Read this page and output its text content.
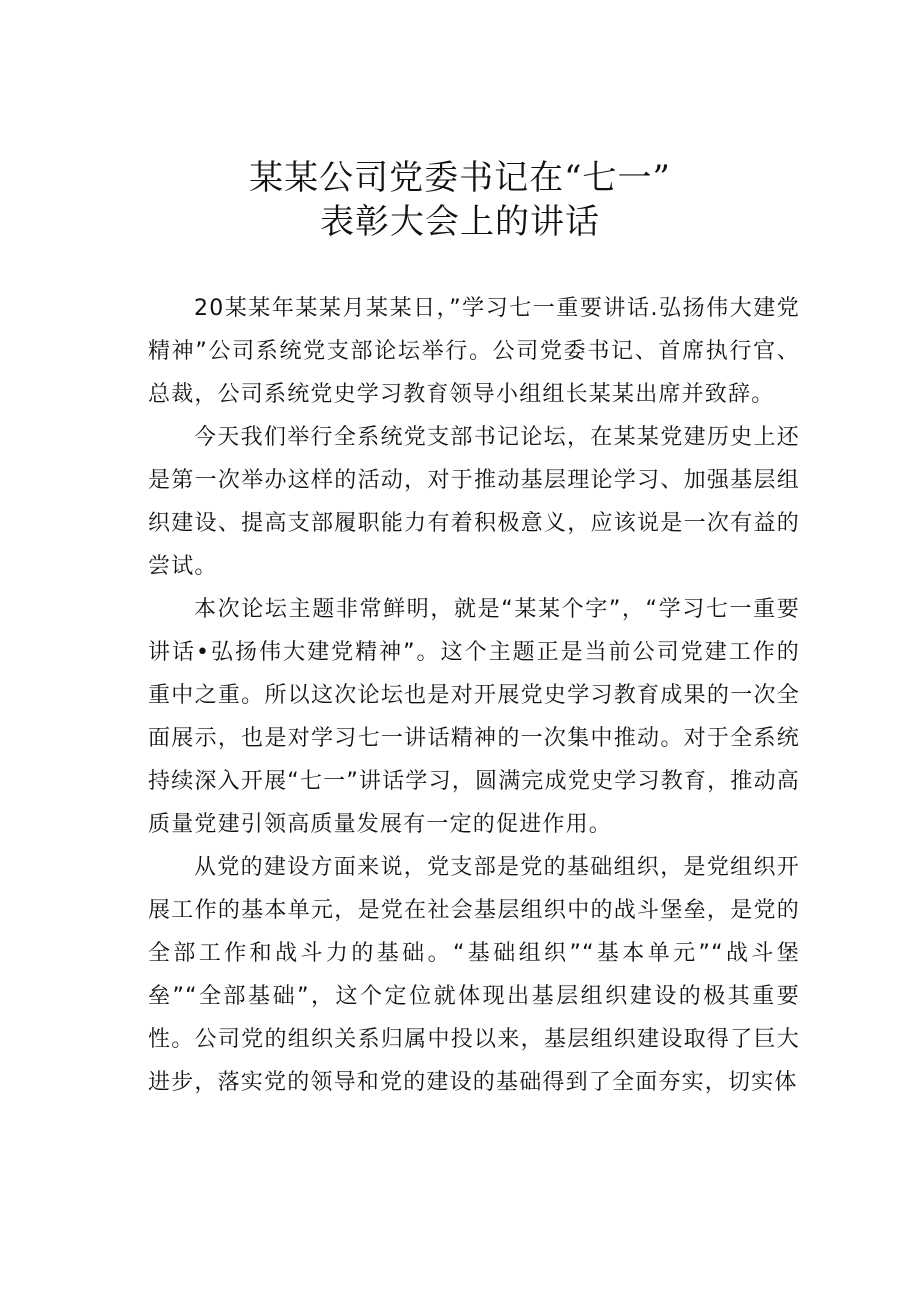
某某公司党委书记在“七一”
表彰大会上的讲话

20某某年某某月某某日，”学习七一重要讲话.弘扬伟大建党精神”公司系统党支部论坛举行。公司党委书记、首席执行官、总裁，公司系统党史学习教育领导小组组长某某出席并致辞。

今天我们举行全系统党支部书记论坛，在某某党建历史上还是第一次举办这样的活动，对于推动基层理论学习、加强基层组织建设、提高支部履职能力有着积极意义，应该说是一次有益的尝试。

本次论坛主题非常鲜明，就是“某某个字”，“学习七一重要讲话•弘扬伟大建党精神”。这个主题正是当前公司党建工作的重中之重。所以这次论坛也是对开展党史学习教育成果的一次全面展示，也是对学习七一讲话精神的一次集中推动。对于全系统持续深入开展“七一”讲话学习，圆满完成党史学习教育，推动高质量党建引领高质量发展有一定的促进作用。

从党的建设方面来说，党支部是党的基础组织，是党组织开展工作的基本单元，是党在社会基层组织中的战斗堡垒，是党的全部工作和战斗力的基础。“基础组织”“基本单元”“战斗堡垒”“全部基础”，这个定位就体现出基层组织建设的极其重要性。公司党的组织关系归属中投以来，基层组织建设取得了巨大进步，落实党的领导和党的建设的基础得到了全面夯实，切实体
